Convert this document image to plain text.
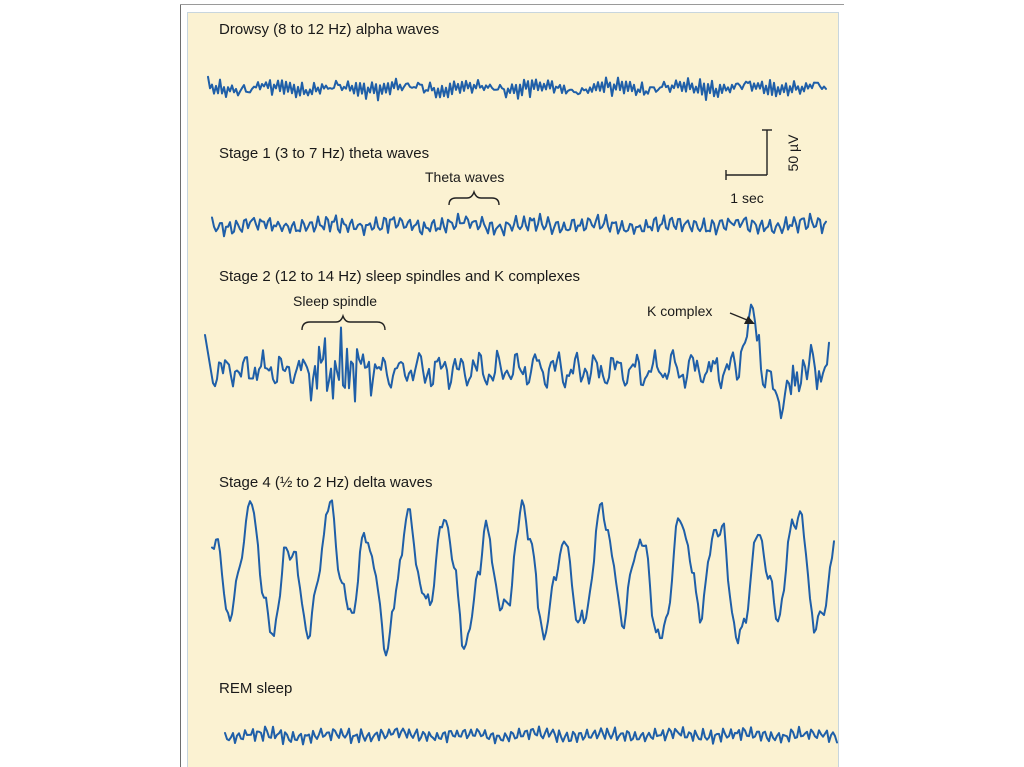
Drowsy (8 to 12 Hz) alpha waves
Stage 1 (3 to 7 Hz) theta waves
Theta waves
Stage 2 (12 to 14 Hz) sleep spindles and K complexes
Sleep spindle
K complex
Stage 4 (½ to 2 Hz) delta waves
REM sleep
50 µV
1 sec
